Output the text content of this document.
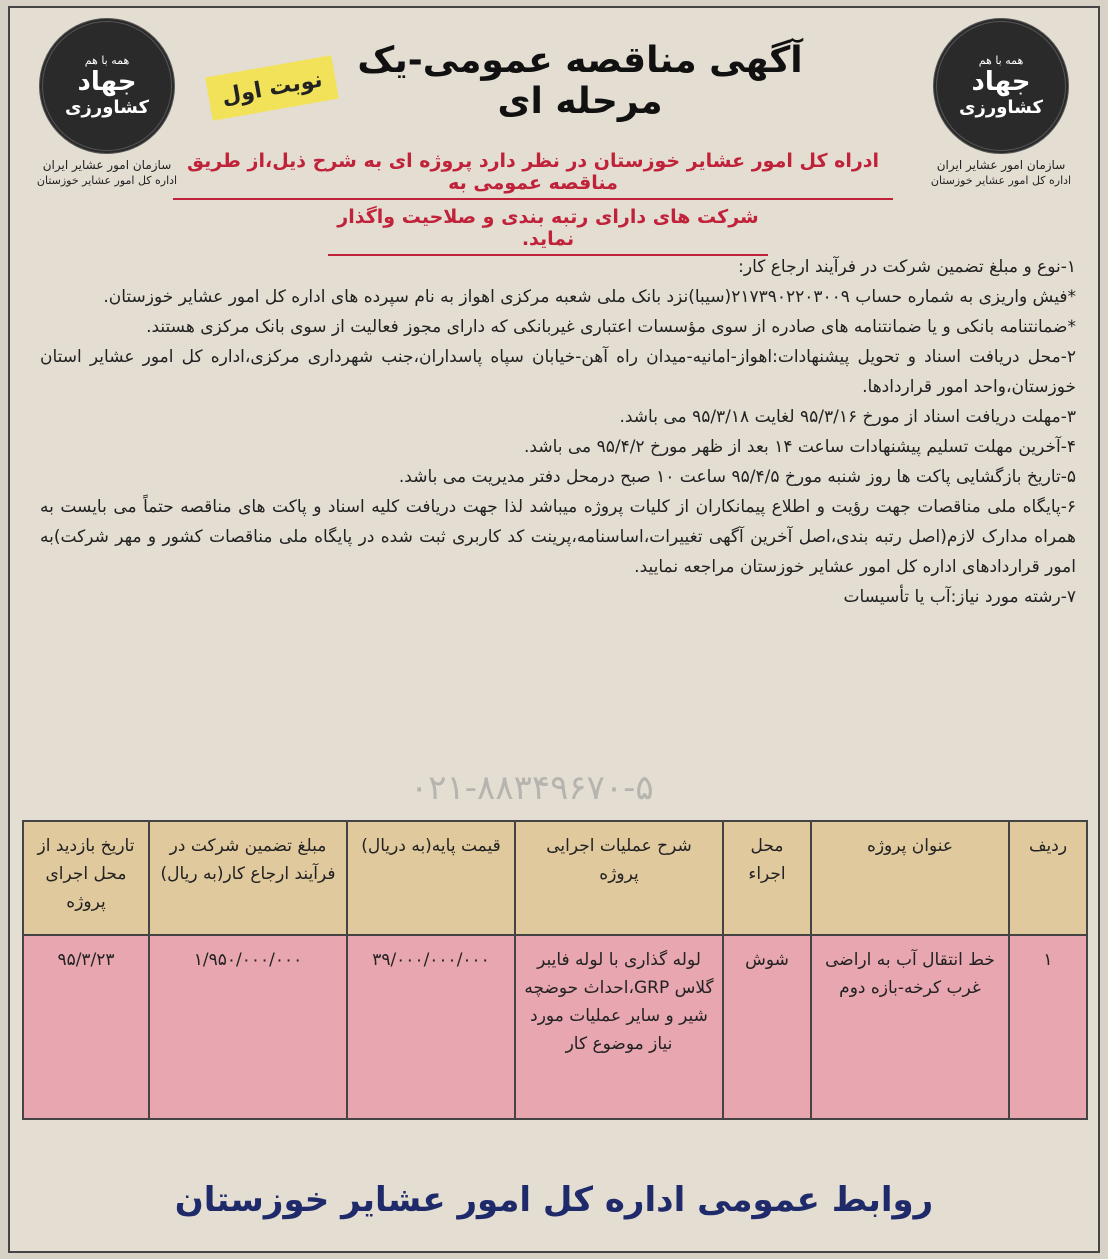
همه با هم
جهاد
کشاورزی
سازمان امور عشایر ایران
اداره کل امور عشایر خوزستان
همه با هم
جهاد
کشاورزی
سازمان امور عشایر ایران
اداره کل امور عشایر خوزستان
آگهی مناقصه عمومی-یک مرحله ای
نوبت اول
ادراه کل امور عشایر خوزستان در نظر دارد پروژه ای به شرح ذیل،از طریق مناقصه عمومی به
شرکت های دارای رتبه بندی و صلاحیت واگذار نماید.

۱-نوع و مبلغ تضمین شرکت در فرآیند ارجاع کار:

*فیش واریزی به شماره حساب ۲۱۷۳۹۰۲۲۰۳۰۰۹(سیبا)نزد بانک ملی شعبه مرکزی اهواز به نام سپرده های اداره کل امور عشایر خوزستان.

*ضمانتنامه بانکی و یا ضمانتنامه های صادره از سوی مؤسسات اعتباری غیربانکی که دارای مجوز فعالیت از سوی بانک مرکزی هستند.

۲-محل دریافت اسناد و تحویل پیشنهادات:اهواز-امانیه-میدان راه آهن-خیابان سپاه پاسداران،جنب شهرداری مرکزی،اداره کل امور عشایر استان خوزستان،واحد امور قراردادها.

۳-مهلت دریافت اسناد از مورخ ۹۵/۳/۱۶ لغایت ۹۵/۳/۱۸ می باشد.

۴-آخرین مهلت تسلیم پیشنهادات ساعت ۱۴ بعد از ظهر مورخ ۹۵/۴/۲ می باشد.

۵-تاریخ بازگشایی پاکت ها روز شنبه مورخ ۹۵/۴/۵ ساعت ۱۰ صبح درمحل دفتر مدیریت می باشد.

۶-پایگاه ملی مناقصات جهت رؤیت و اطلاع پیمانکاران از کلیات پروژه میباشد لذا جهت دریافت کلیه اسناد و پاکت های مناقصه حتماً می بایست به همراه مدارک لازم(اصل رتبه بندی،اصل آخرین آگهی تغییرات،اساسنامه،پرینت کد کاربری ثبت شده در پایگاه ملی مناقصات کشور و مهر شرکت)به امور قراردادهای اداره کل امور عشایر خوزستان مراجعه نمایید.

۷-رشته مورد نیاز:آب یا تأسیسات

۰۲۱-۸۸۳۴۹۶۷۰-۵
ردیف	عنوان پروژه	محل اجراء	شرح عملیات اجرایی پروژه	قیمت پایه(به دریال)	مبلغ تضمین شرکت در فرآیند ارجاع کار(به ریال)	تاریخ بازدید از محل اجرای پروژه
۱	خط انتقال آب به اراضی غرب کرخه-بازه دوم	شوش	لوله گذاری با لوله فایبر گلاس GRP،احداث حوضچه شیر و سایر عملیات مورد نیاز موضوع کار	۳۹/۰۰۰/۰۰۰/۰۰۰	۱/۹۵۰/۰۰۰/۰۰۰	۹۵/۳/۲۳
روابط عمومی اداره کل امور عشایر خوزستان
